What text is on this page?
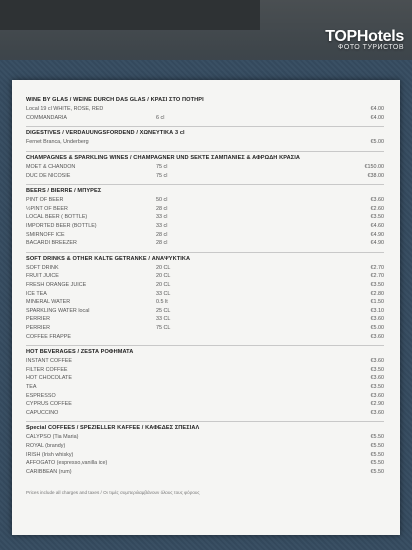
TOPHotels
ФОТО ТУРИСТОВ
WINE BY GLAS / WEINE DURCH DAS GLAS / ΚΡΑΣΙ ΣΤΟ ΠΟΤΗΡΙ
Local 19 cl WHITE, ROSE, RED	€4.00
COMMANDARIA	6 cl	€4.00
DIGESTIVES / VERDAUUNGSFORDEND / ΧΩΝΕΥΤΙΚΑ 3 cl
Fernet Branca, Underberg	€5.00
CHAMPAGNES & SPARKLING WINES / CHAMPAGNER UND SEKTE ΣΑΜΠΑΝΙΕΣ & ΑΦΡΩΔΗ ΚΡΑΣΙΑ
MOET & CHANDON	75 cl	€150.00
DUC DE NICOSIE	75 cl	€38.00
BEERS / BIERRE / ΜΠΥΡΕΣ
PINT OF BEER	50 cl	€3.60
½PINT OF BEER	28 cl	€2.60
LOCAL BEER ( BOTTLE)	33 cl	€3.50
IMPORTED BEER (BOTTLE)	33 cl	€4.60
SMIRNOFF ICE	28 cl	€4.90
BACARDI BREEZER	28 cl	€4.90
SOFT DRINKS & OTHER KALTE GETRANKE / ΑΝΑΨΥΚΤΙΚΑ
SOFT DRINK	20 CL	€2.70
FRUIT JUICE	20 CL	€2.70
FRESH ORANGE JUICE	20 CL	€3.50
ICE TEA	33 CL	€2.80
MINERAL WATER	0.5 lt	€1.50
SPARKLING WATER local	25 CL	€3.10
PERRIER	33 CL	€3.60
PERRIER	75 CL	€5.00
COFFEE FRAPPE	€3.60
HOT BEVERAGES / ZESTA ΡΟΦΗΜΑΤΑ
INSTANT COFFEE	€3.60
FILTER COFFEE	€3.50
HOT CHOCOLATE	€3.60
TEA	€3.50
ESPRESSO	€3.60
CYPRUS COFFEE	€2.90
CAPUCCINO	€3.60
Special COFFEES / SPEZIELLER KAFFEE / ΚΑΦΕΔΕΣ ΣΠΕΣΙΑΛ
CALYPSO (Tia Maria)	€5.50
ROYAL (brandy)	€5.50
IRISH (Irish whisky)	€5.50
AFFOGATO (espresso,vanilla ice)	€5.50
CARIBBEAN (rum)	€5.50
Prices include all charges and taxes / Οι τιμές συμπεριλαμβάνουν όλους τους φόρους
